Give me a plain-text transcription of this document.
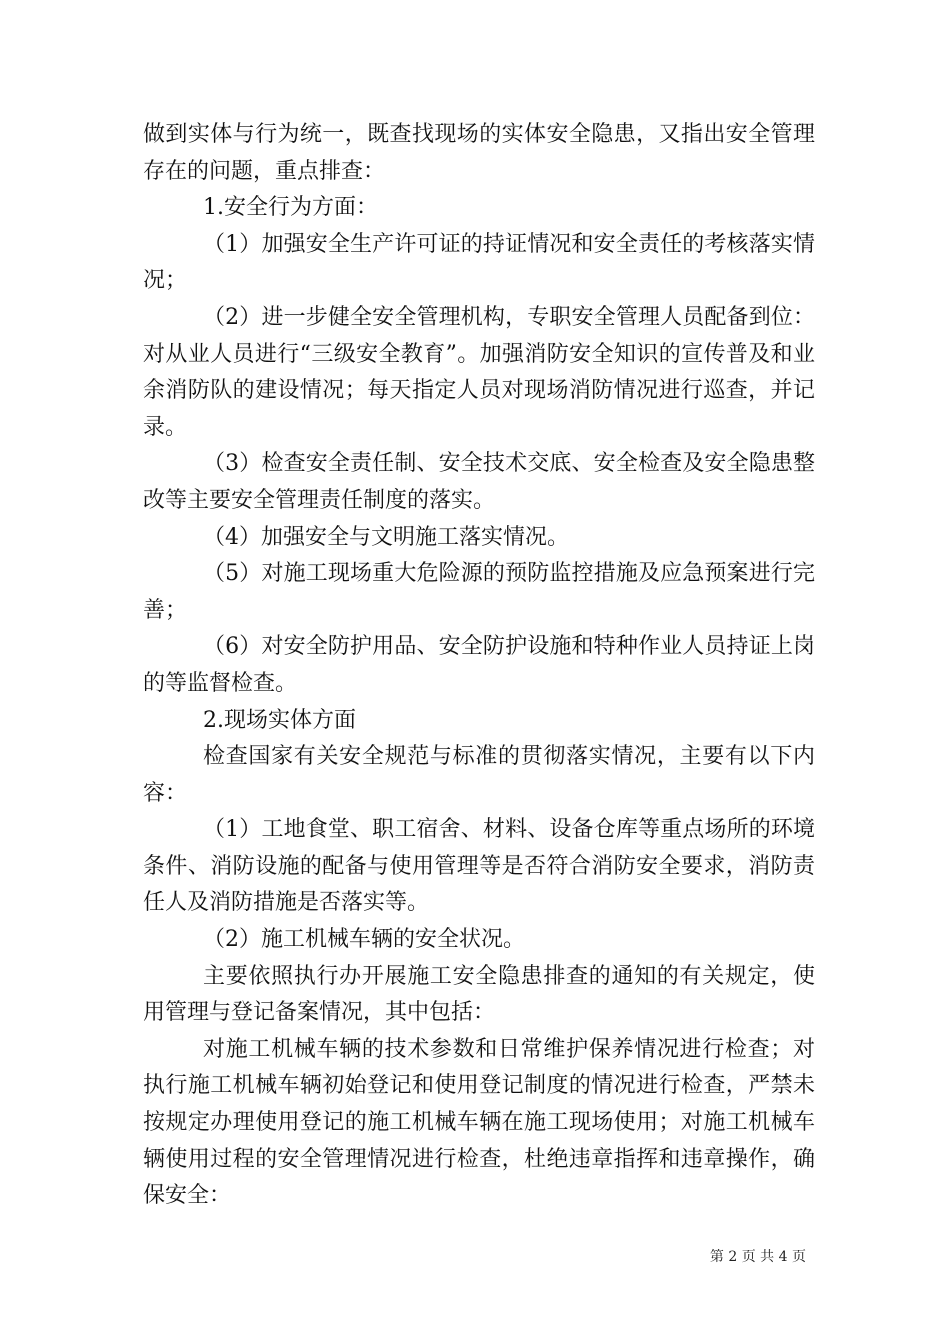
做到实体与行为统一，既查找现场的实体安全隐患，又指出安全管理存在的问题，重点排查：

1.安全行为方面：

（1）加强安全生产许可证的持证情况和安全责任的考核落实情况；

（2）进一步健全安全管理机构，专职安全管理人员配备到位：对从业人员进行“三级安全教育”。加强消防安全知识的宣传普及和业余消防队的建设情况；每天指定人员对现场消防情况进行巡查，并记录。

（3）检查安全责任制、安全技术交底、安全检查及安全隐患整改等主要安全管理责任制度的落实。

（4）加强安全与文明施工落实情况。

（5）对施工现场重大危险源的预防监控措施及应急预案进行完善；

（6）对安全防护用品、安全防护设施和特种作业人员持证上岗的等监督检查。

2.现场实体方面

检查国家有关安全规范与标准的贯彻落实情况，主要有以下内容：

（1）工地食堂、职工宿舍、材料、设备仓库等重点场所的环境条件、消防设施的配备与使用管理等是否符合消防安全要求，消防责任人及消防措施是否落实等。

（2）施工机械车辆的安全状况。

主要依照执行办开展施工安全隐患排查的通知的有关规定，使用管理与登记备案情况，其中包括：

对施工机械车辆的技术参数和日常维护保养情况进行检查；对执行施工机械车辆初始登记和使用登记制度的情况进行检查，严禁未按规定办理使用登记的施工机械车辆在施工现场使用；对施工机械车辆使用过程的安全管理情况进行检查，杜绝违章指挥和违章操作，确保安全：

第 2 页 共 4 页
